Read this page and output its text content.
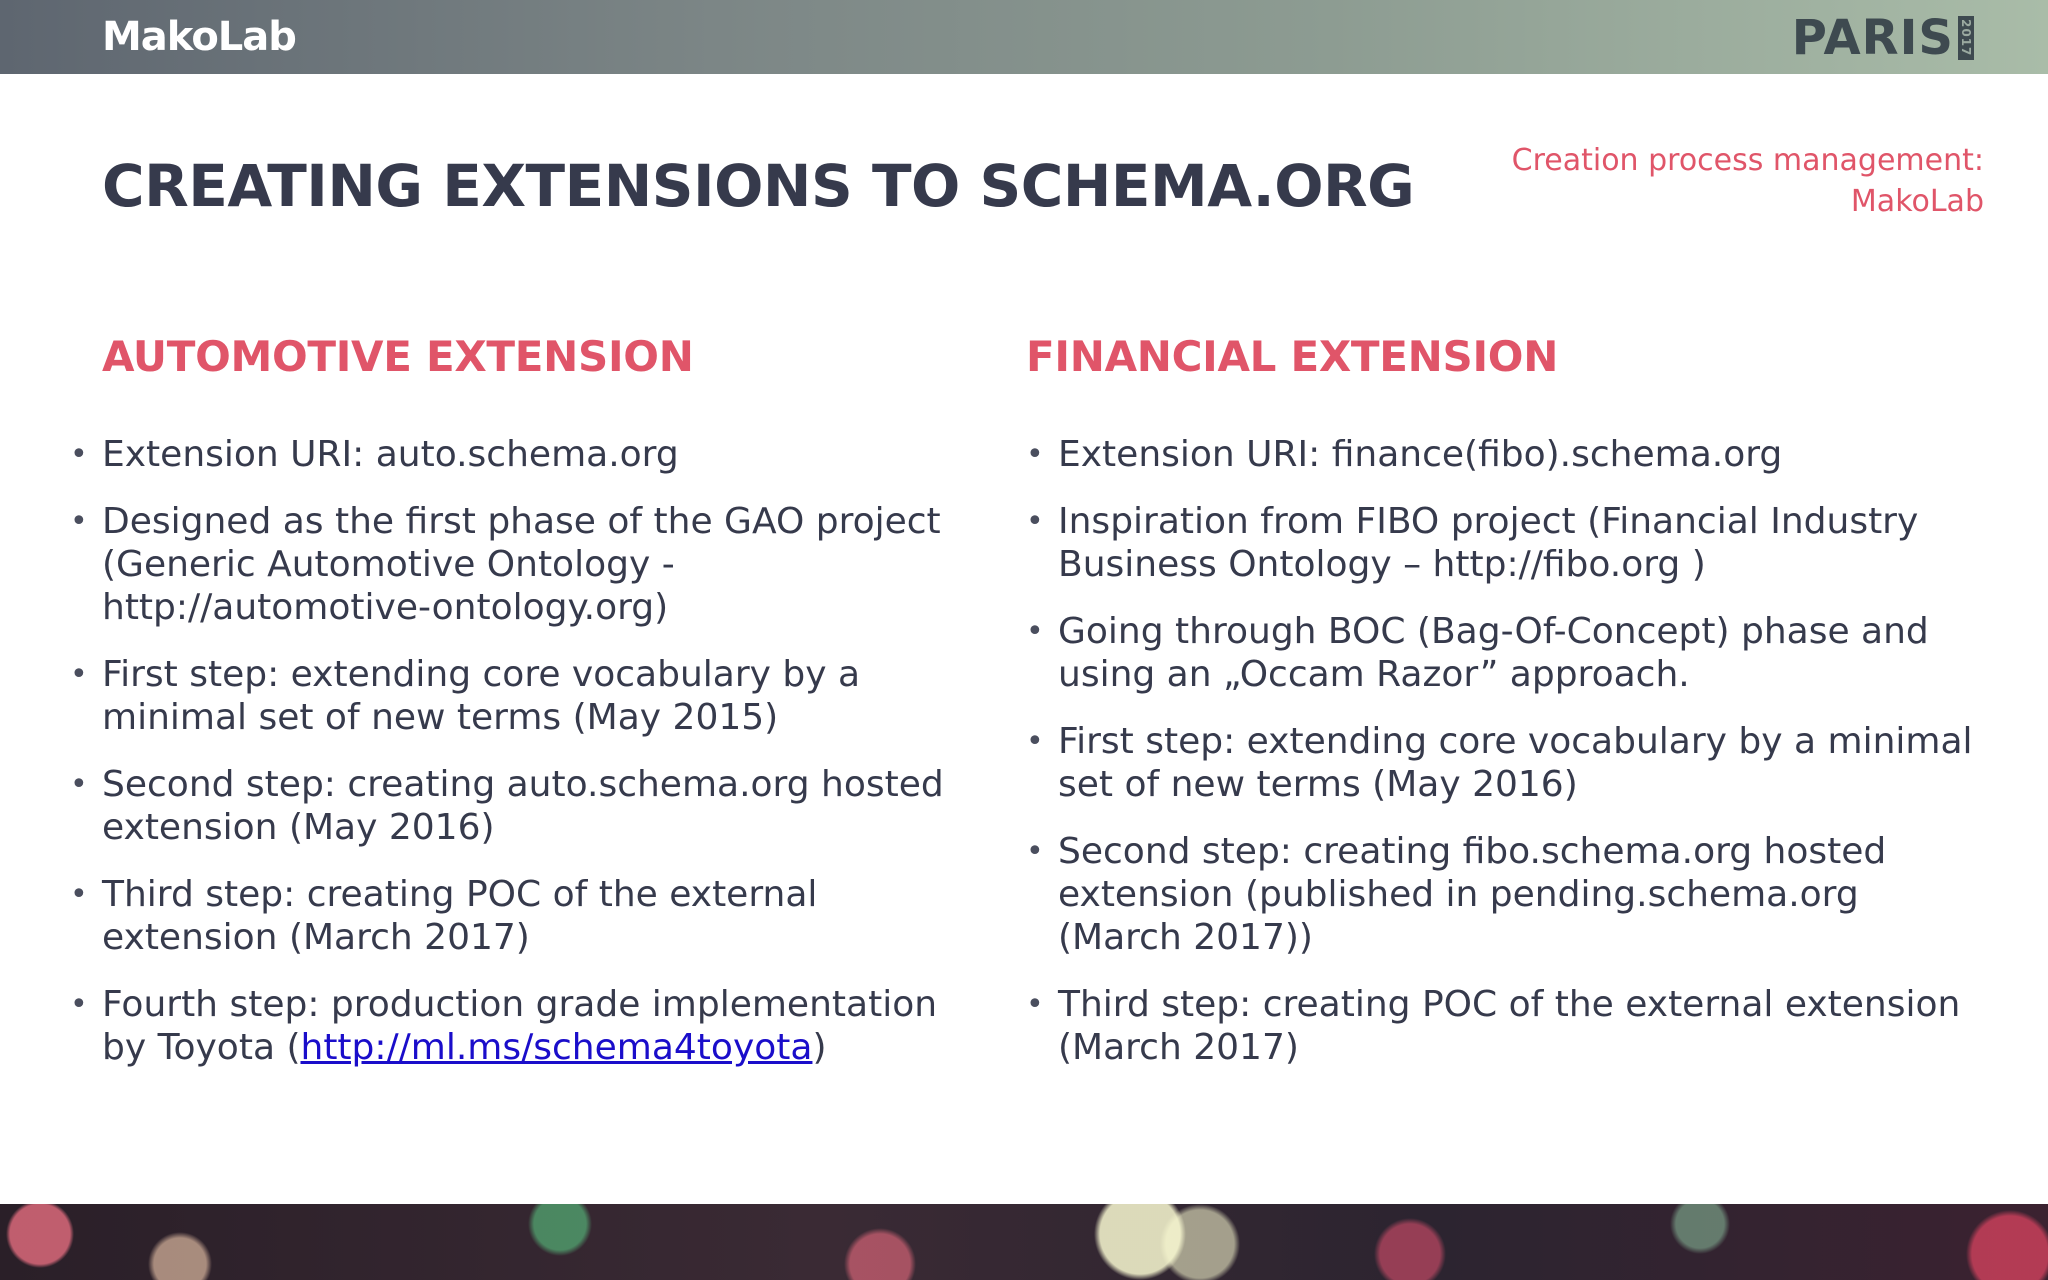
MakoLab	PARIS 2017
CREATING EXTENSIONS TO SCHEMA.ORG	Creation process management:
MakoLab
AUTOMOTIVE EXTENSION
• Extension URI: auto.schema.org
• Designed as the first phase of the GAO project (Generic Automotive Ontology - http://automotive-ontology.org)
• First step: extending core vocabulary by a minimal set of new terms (May 2015)
• Second step: creating auto.schema.org hosted extension (May 2016)
• Third step: creating POC of the external extension (March 2017)
• Fourth step: production grade implementation by Toyota (http://ml.ms/schema4toyota)
FINANCIAL EXTENSION
• Extension URI: finance(fibo).schema.org
• Inspiration from FIBO project (Financial Industry Business Ontology – http://fibo.org )
• Going through BOC (Bag-Of-Concept) phase and using an „Occam Razor” approach.
• First step: extending core vocabulary by a minimal set of new terms (May 2016)
• Second step: creating fibo.schema.org hosted extension (published in pending.schema.org (March 2017))
• Third step: creating POC of the external extension (March 2017)
